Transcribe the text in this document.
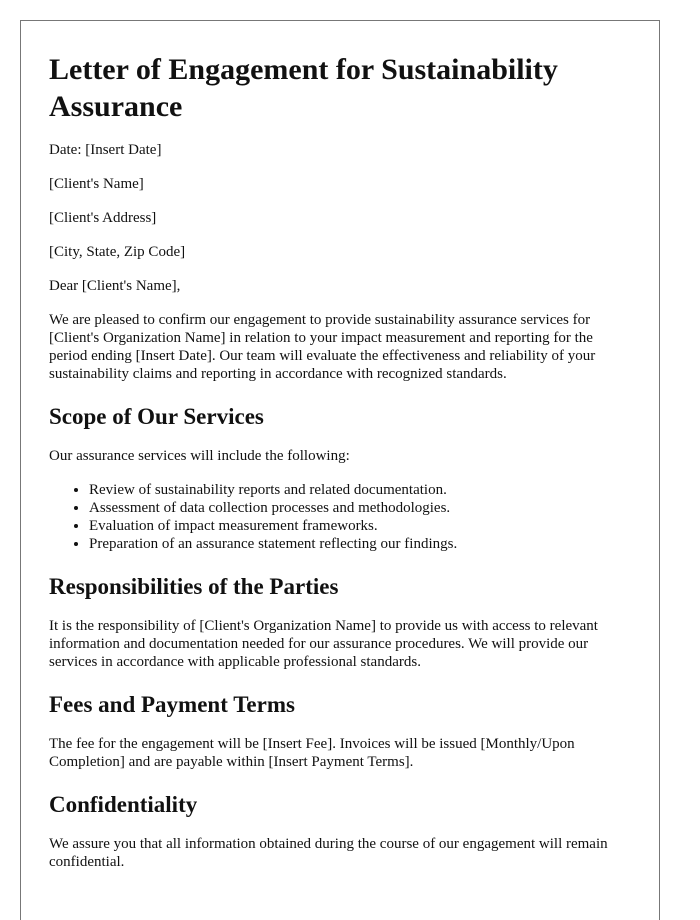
Letter of Engagement for Sustainability Assurance

Date: [Insert Date]

[Client's Name]

[Client's Address]

[City, State, Zip Code]

Dear [Client's Name],

We are pleased to confirm our engagement to provide sustainability assurance services for [Client's Organization Name] in relation to your impact measurement and reporting for the period ending [Insert Date]. Our team will evaluate the effectiveness and reliability of your sustainability claims and reporting in accordance with recognized standards.

Scope of Our Services

Our assurance services will include the following:

• Review of sustainability reports and related documentation.
• Assessment of data collection processes and methodologies.
• Evaluation of impact measurement frameworks.
• Preparation of an assurance statement reflecting our findings.
Responsibilities of the Parties

It is the responsibility of [Client's Organization Name] to provide us with access to relevant information and documentation needed for our assurance procedures. We will provide our services in accordance with applicable professional standards.

Fees and Payment Terms

The fee for the engagement will be [Insert Fee]. Invoices will be issued [Monthly/Upon Completion] and are payable within [Insert Payment Terms].

Confidentiality

We assure you that all information obtained during the course of our engagement will remain confidential.
